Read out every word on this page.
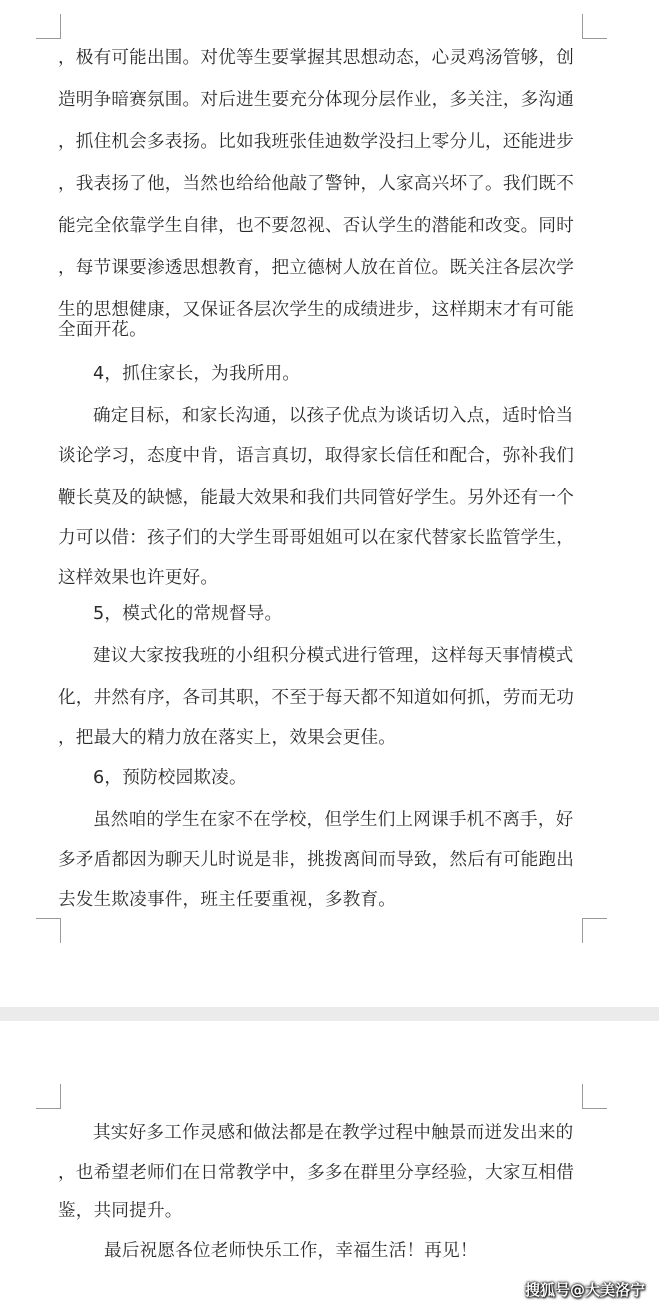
，极有可能出围。对优等生要掌握其思想动态，心灵鸡汤管够，创
造明争暗赛氛围。对后进生要充分体现分层作业，多关注，多沟通
，抓住机会多表扬。比如我班张佳迪数学没扫上零分儿，还能进步
，我表扬了他，当然也给给他敲了警钟，人家高兴坏了。我们既不
能完全依靠学生自律，也不要忽视、否认学生的潜能和改变。同时
，每节课要渗透思想教育，把立德树人放在首位。既关注各层次学
生的思想健康，又保证各层次学生的成绩进步，这样期末才有可能
全面开花。
4，抓住家长，为我所用。
确定目标，和家长沟通，以孩子优点为谈话切入点，适时恰当
谈论学习，态度中肯，语言真切，取得家长信任和配合，弥补我们
鞭长莫及的缺憾，能最大效果和我们共同管好学生。另外还有一个
力可以借：孩子们的大学生哥哥姐姐可以在家代替家长监管学生，
这样效果也许更好。
5，模式化的常规督导。
建议大家按我班的小组积分模式进行管理，这样每天事情模式
化，井然有序，各司其职，不至于每天都不知道如何抓，劳而无功
，把最大的精力放在落实上，效果会更佳。
6，预防校园欺凌。
虽然咱的学生在家不在学校，但学生们上网课手机不离手，好
多矛盾都因为聊天儿时说是非，挑拨离间而导致，然后有可能跑出
去发生欺凌事件，班主任要重视，多教育。
其实好多工作灵感和做法都是在教学过程中触景而迸发出来的
，也希望老师们在日常教学中，多多在群里分享经验，大家互相借
鉴，共同提升。
最后祝愿各位老师快乐工作，幸福生活！再见！
搜狐号@大美洛宁
